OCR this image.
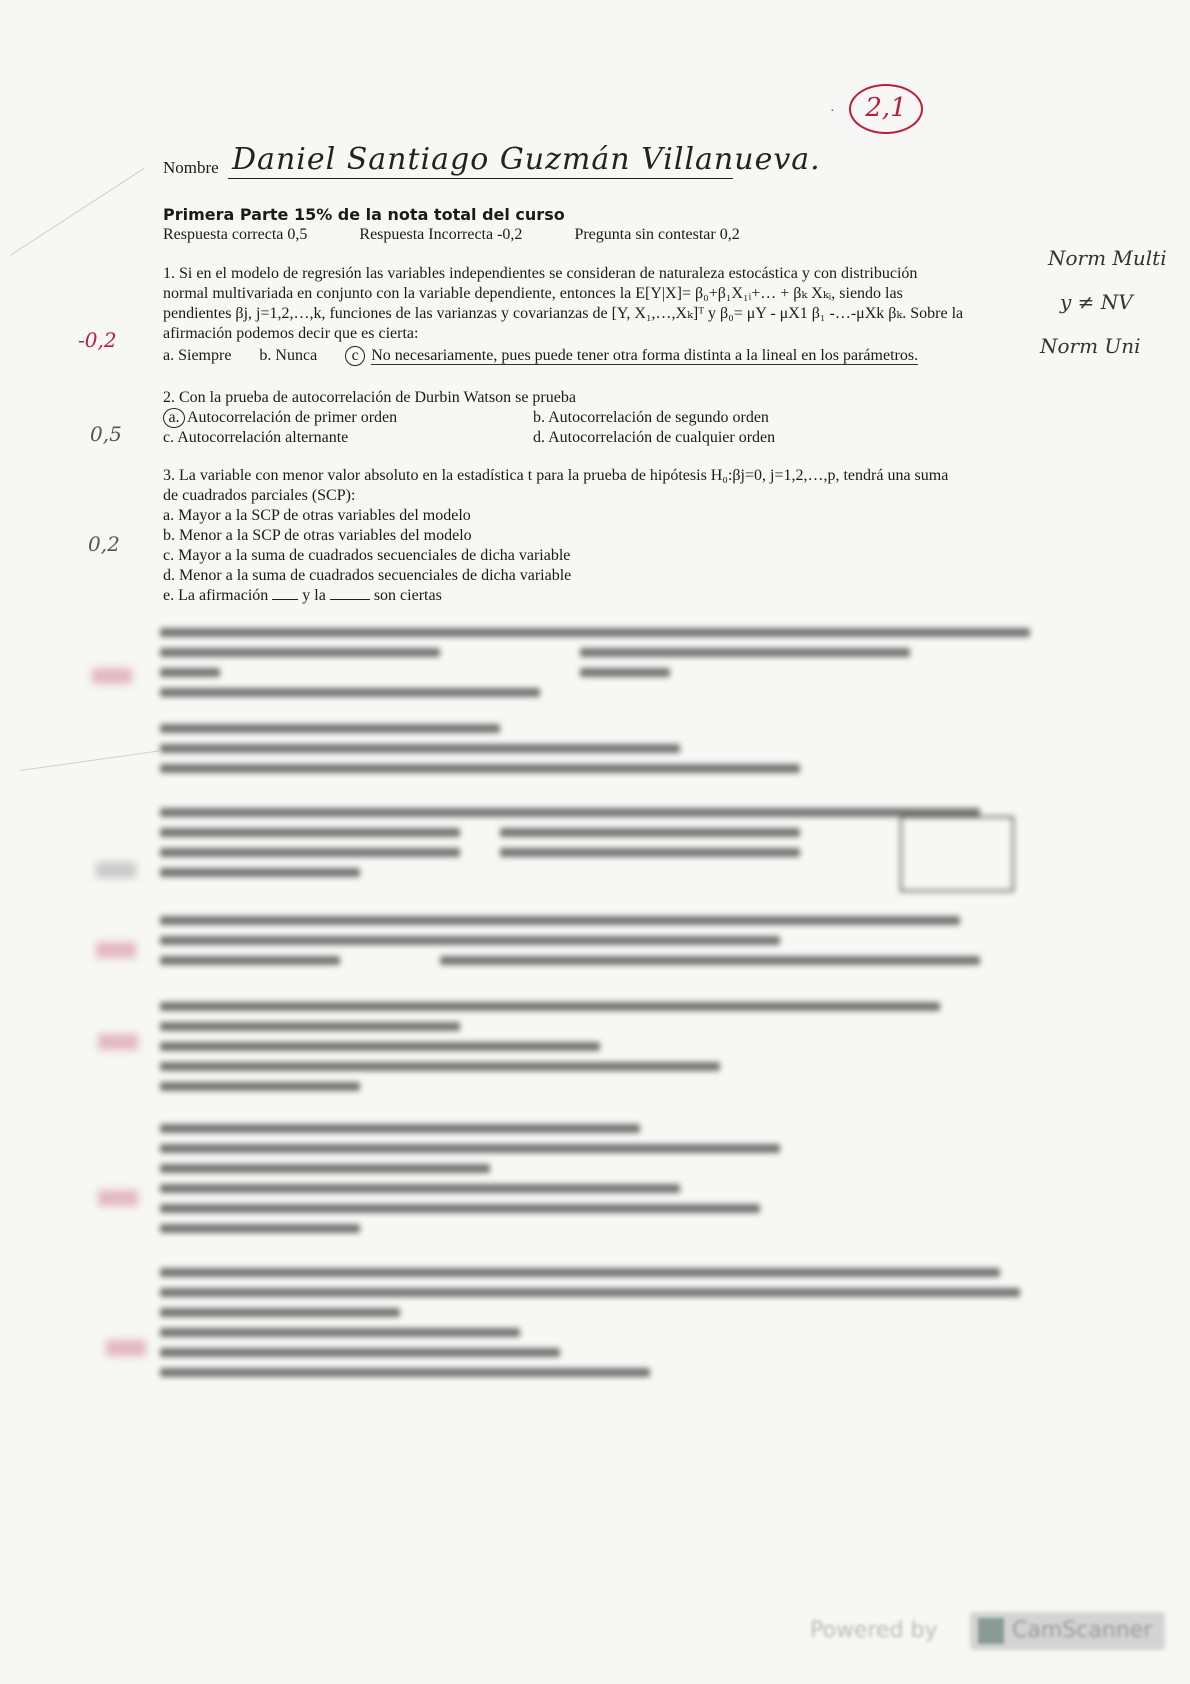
2,1
·
Nombre Daniel Santiago Guzmán Villanueva.
Primera Parte 15% de la nota total del curso
Respuesta correcta 0,5	Respuesta Incorrecta -0,2	Pregunta sin contestar 0,2
1. Si en el modelo de regresión las variables independientes se consideran de naturaleza estocástica y con distribución
normal multivariada en conjunto con la variable dependiente, entonces la E[Y|X]= β₀+β₁X₁ᵢ+… + βₖ Xₖᵢ, siendo las
pendientes βj, j=1,2,…,k, funciones de las varianzas y covarianzas de [Y, X₁,…,Xₖ]ᵀ y β₀= μY - μX1 β₁ -…-μXk βₖ. Sobre la
afirmación podemos decir que es cierta:
a. Siempre b. Nunca	c No necesariamente, pues puede tener otra forma distinta a la lineal en los parámetros.
-0,2
Norm Multi
y ≠ NV
Norm Uni
2. Con la prueba de autocorrelación de Durbin Watson se prueba
a. Autocorrelación de primer orden	b. Autocorrelación de segundo orden
c. Autocorrelación alternante	d. Autocorrelación de cualquier orden
0,5
3. La variable con menor valor absoluto en la estadística t para la prueba de hipótesis H₀:βj=0, j=1,2,…,p, tendrá una suma
de cuadrados parciales (SCP):
a. Mayor a la SCP de otras variables del modelo
b. Menor a la SCP de otras variables del modelo
c. Mayor a la suma de cuadrados secuenciales de dicha variable
d. Menor a la suma de cuadrados secuenciales de dicha variable
e. La afirmación y la	son ciertas
0,2
Powered by	CamScanner
